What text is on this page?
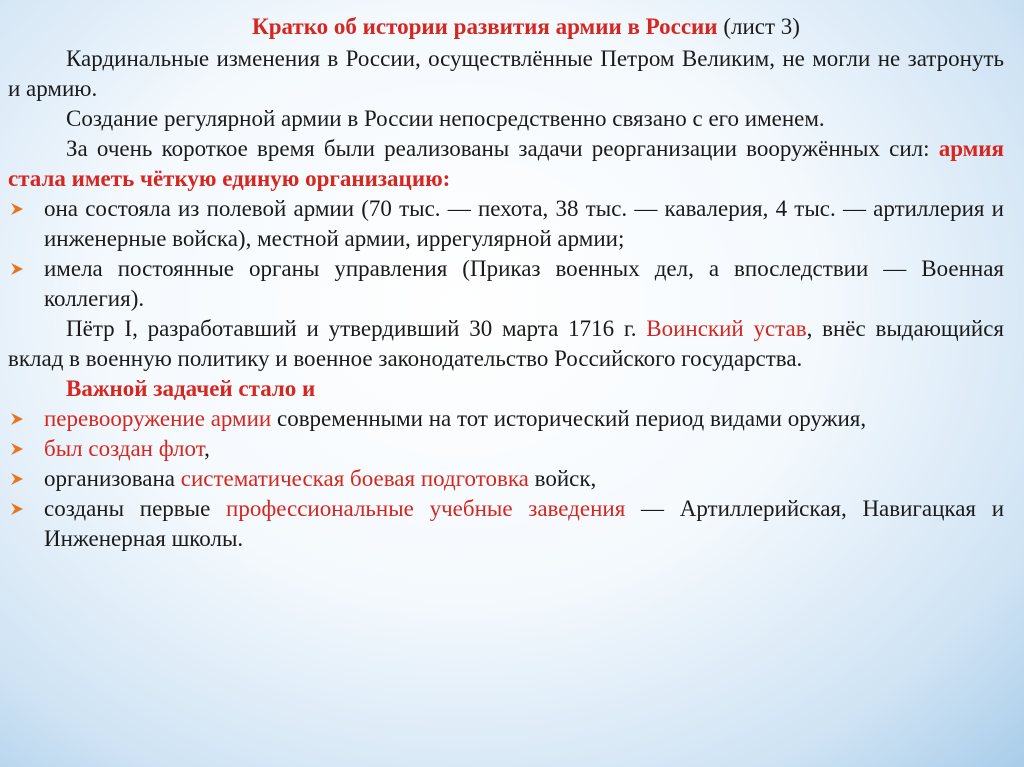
Кратко об истории развития армии в России (лист 3)

Кардинальные изменения в России, осуществлённые Петром Великим, не могли не затронуть и армию.

Создание регулярной армии в России непосредственно связано с его именем.

За очень короткое время были реализованы задачи реорганизации вооружённых сил: армия стала иметь чёткую единую организацию:

она состояла из полевой армии (70 тыс. — пехота, 38 тыс. — кавалерия, 4 тыс. — артиллерия и инженерные войска), местной армии, иррегулярной армии;
имела постоянные органы управления (Приказ военных дел, а впоследствии — Военная коллегия).

Пётр I, разработавший и утвердивший 30 марта 1716 г. Воинский устав, внёс выдающийся вклад в военную политику и военное законодательство Российского государства.

Важной задачей стало и

перевооружение армии современными на тот исторический период видами оружия,
был создан флот,
организована систематическая боевая подготовка войск,
созданы первые профессиональные учебные заведения — Артиллерийская, Навигацкая и Инженерная школы.
